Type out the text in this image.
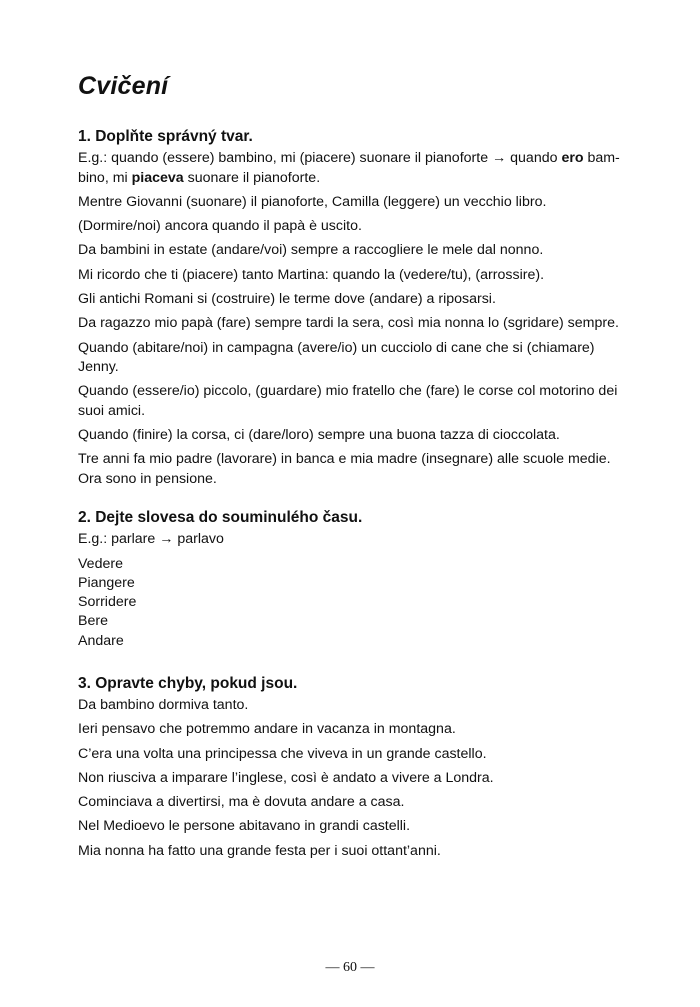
Cvičení
1. Doplňte správný tvar.
E.g.: quando (essere) bambino, mi (piacere) suonare il pianoforte → quando ero bam-
bino, mi piaceva suonare il pianoforte.
Mentre Giovanni (suonare) il pianoforte, Camilla (leggere) un vecchio libro.
(Dormire/noi) ancora quando il papà è uscito.
Da bambini in estate (andare/voi) sempre a raccogliere le mele dal nonno.
Mi ricordo che ti (piacere) tanto Martina: quando la (vedere/tu), (arrossire).
Gli antichi Romani si (costruire) le terme dove (andare) a riposarsi.
Da ragazzo mio papà (fare) sempre tardi la sera, così mia nonna lo (sgridare) sempre.
Quando (abitare/noi) in campagna (avere/io) un cucciolo di cane che si (chiamare) Jenny.
Quando (essere/io) piccolo, (guardare) mio fratello che (fare) le corse col motorino dei suoi amici.
Quando (finire) la corsa, ci (dare/loro) sempre una buona tazza di cioccolata.
Tre anni fa mio padre (lavorare) in banca e mia madre (insegnare) alle scuole medie. Ora sono in pensione.
2. Dejte slovesa do souminulého času.
E.g.: parlare → parlavo
Vedere
Piangere
Sorridere
Bere
Andare
3. Opravte chyby, pokud jsou.
Da bambino dormiva tanto.
Ieri pensavo che potremmo andare in vacanza in montagna.
C’era una volta una principessa che viveva in un grande castello.
Non riusciva a imparare l’inglese, così è andato a vivere a Londra.
Cominciava a divertirsi, ma è dovuta andare a casa.
Nel Medioevo le persone abitavano in grandi castelli.
Mia nonna ha fatto una grande festa per i suoi ottant’anni.
— 60 —
